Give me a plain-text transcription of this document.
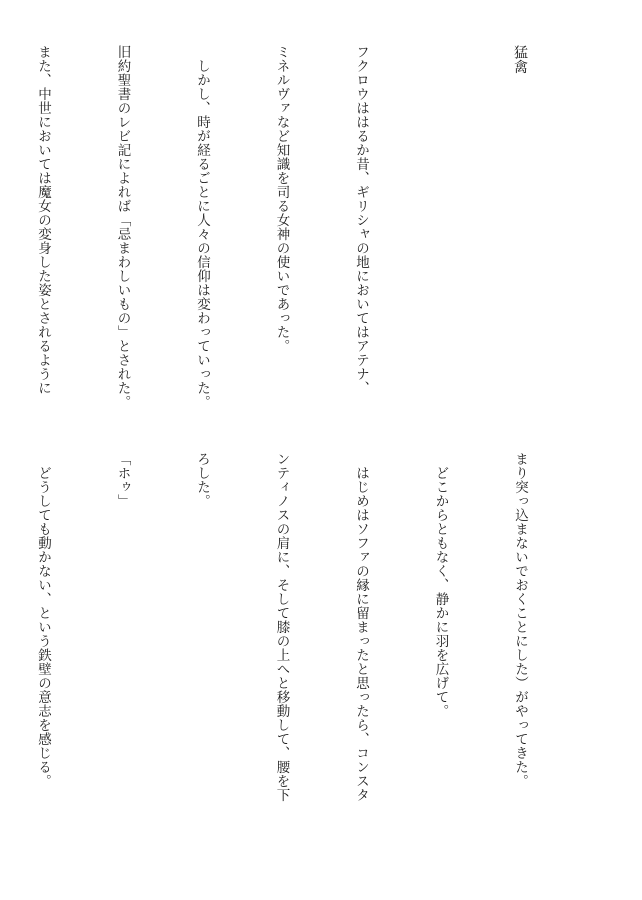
猛禽

フクロウははるか昔、ギリシャの地においてはアテナ、

ミネルヴァなど知識を司る女神の使いであった。

　しかし、時が経るごとに人々の信仰は変わっていった。

旧約聖書のレビ記によれば「忌まわしいもの」とされた。

また、中世においては魔女の変身した姿とされるように

まり突っ込まないでおくことにした）がやってきた。

　どこからともなく、静かに羽を広げて。

　はじめはソファの縁に留まったと思ったら、コンスタ

ンティノスの肩に、そして膝の上へと移動して、腰を下

ろした。

「ホゥ」

　どうしても動かない、という鉄壁の意志を感じる。
